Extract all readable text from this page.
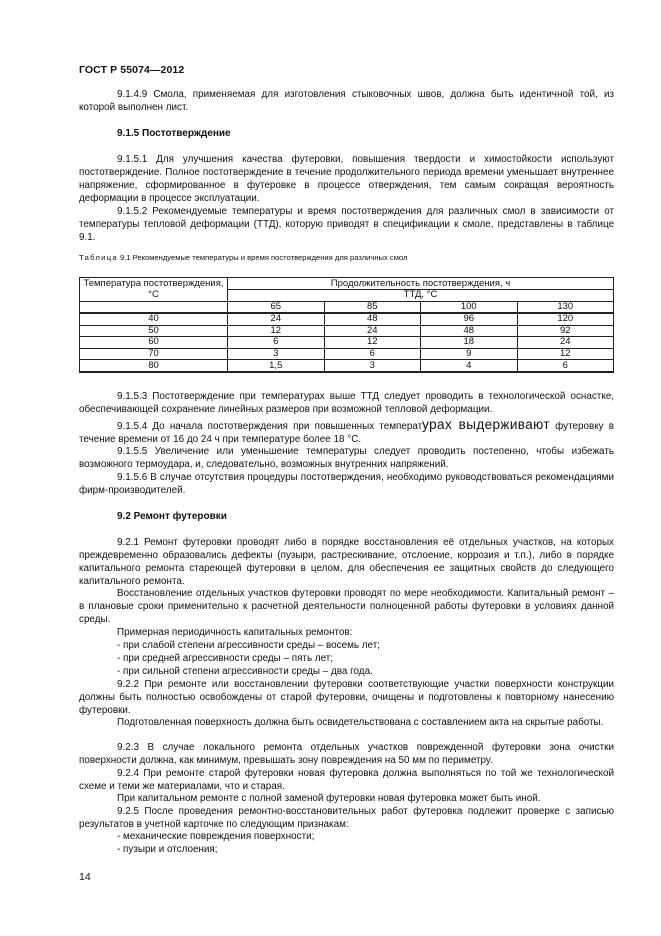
ГОСТ Р 55074—2012

9.1.4.9 Смола, применяемая для изготовления стыковочных швов, должна быть идентичной той, из которой выполнен лист.

9.1.5 Постотверждение

9.1.5.1 Для улучшения качества футеровки, повышения твердости и химостойкости используют постотверждение. Полное постотверждение в течение продолжительного периода времени уменьшает внутреннее напряжение, сформированное в футеровке в процессе отверждения, тем самым сокращая вероятность деформации в процессе эксплуатации.

9.1.5.2 Рекомендуемые температуры и время постотверждения для различных смол в зависимости от температуры тепловой деформации (ТТД), которую приводят в спецификации к смоле, представлены в таблице 9.1.

Таблица 9.1 Рекомендуемые температуры и время постотверждения для различных смол
Температура постотверждения, °С	Продолжительность постотверждения, ч			
	ТТД, °С			
	65	85	100	130
40	24	48	96	120
50	12	24	48	92
60	6	12	18	24
70	3	6	9	12
80	1,5	3	4	6

9.1.5.3 Постотверждение при температурах выше ТТД следует проводить в технологической оснастке, обеспечивающей сохранение линейных размеров при возможной тепловой деформации.

9.1.5.4 До начала постотверждения при повышенных температурах выдерживают футеровку в течение времени от 16 до 24 ч при температуре более 18 °С.

9.1.5.5 Увеличение или уменьшение температуры следует проводить постепенно, чтобы избежать возможного термоудара, и, следовательно, возможных внутренних напряжений.

9.1.5.6 В случае отсутствия процедуры постотверждения, необходимо руководствоваться рекомендациями фирм-производителей.

9.2 Ремонт футеровки

9.2.1 Ремонт футеровки проводят либо в порядке восстановления её отдельных участков, на которых преждевременно образовались дефекты (пузыри, растрескивание, отслоение, коррозия и т.п.), либо в порядке капитального ремонта стареющей футеровки в целом, для обеспечения ее защитных свойств до следующего капитального ремонта.

Восстановление отдельных участков футеровки проводят по мере необходимости. Капитальный ремонт – в плановые сроки применительно к расчетной деятельности полноценной работы футеровки в условиях данной среды.

Примерная периодичность капитальных ремонтов:

- при слабой степени агрессивности среды – восемь лет;

- при средней агрессивности среды – пять лет;

- при сильной степени агрессивности среды – два года.

9.2.2 При ремонте или восстановлении футеровки соответствующие участки поверхности конструкции должны быть полностью освобождены от старой футеровки, очищены и подготовлены к повторному нанесению футеровки.

Подготовленная поверхность должна быть освидетельствована с составлением акта на скрытые работы.

9.2.3 В случае локального ремонта отдельных участков поврежденной футеровки зона очистки поверхности должна, как минимум, превышать зону повреждения на 50 мм по периметру.

9.2.4 При ремонте старой футеровки новая футеровка должна выполняться по той же технологической схеме и теми же материалами, что и старая.

При капитальном ремонте с полной заменой футеровки новая футеровка может быть иной.

9.2.5 После проведения ремонтно-восстановительных работ футеровка подлежит проверке с записью результатов в учетной карточке по следующим признакам:

- механические повреждения поверхности;

- пузыри и отслоения;

14
